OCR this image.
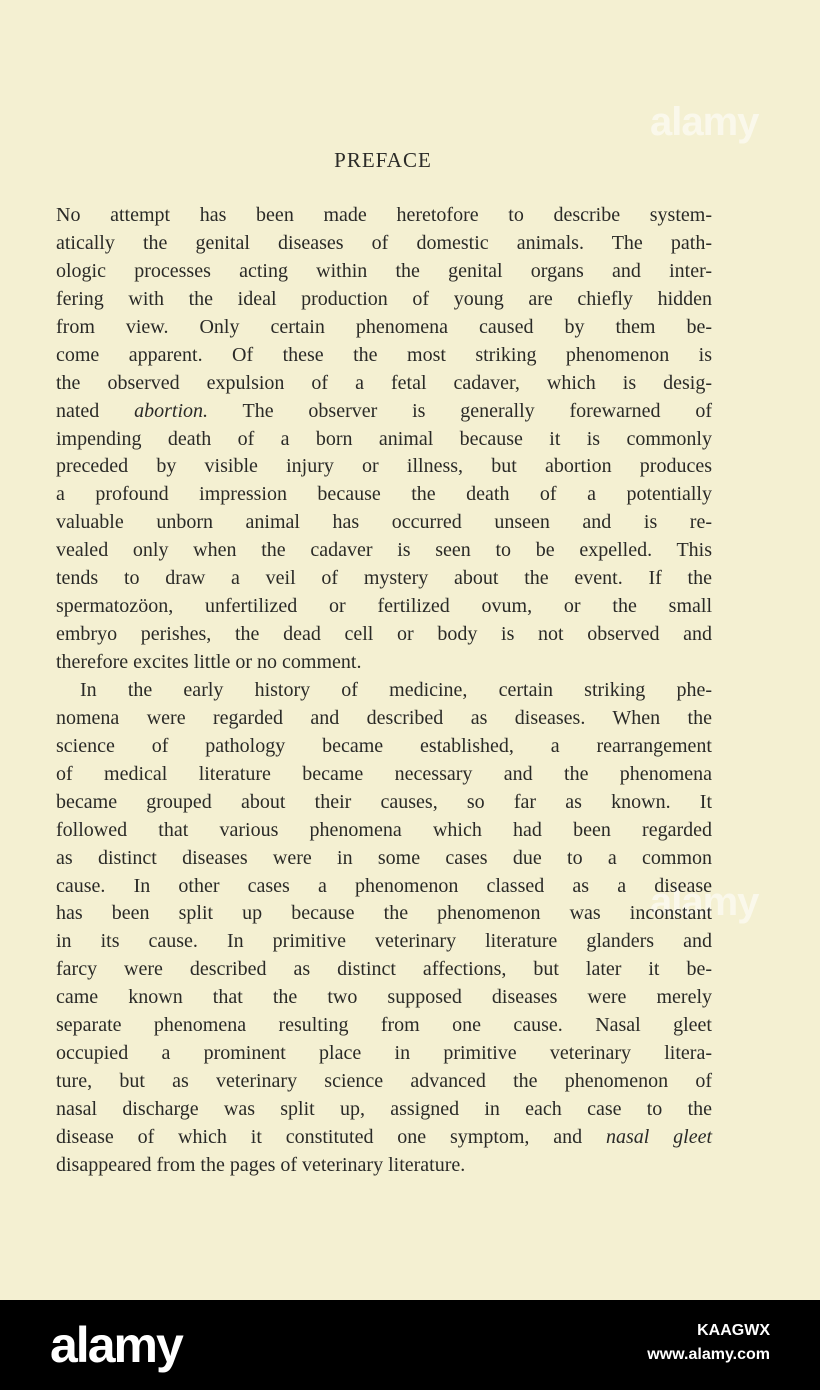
alamy
alamy
PREFACE
No attempt has been made heretofore to describe system-
atically the genital diseases of domestic animals. The path-
ologic processes acting within the genital organs and inter-
fering with the ideal production of young are chiefly hidden
from view. Only certain phenomena caused by them be-
come apparent. Of these the most striking phenomenon is
the observed expulsion of a fetal cadaver, which is desig-
nated abortion. The observer is generally forewarned of
impending death of a born animal because it is commonly
preceded by visible injury or illness, but abortion produces
a profound impression because the death of a potentially
valuable unborn animal has occurred unseen and is re-
vealed only when the cadaver is seen to be expelled. This
tends to draw a veil of mystery about the event. If the
spermatozöon, unfertilized or fertilized ovum, or the small
embryo perishes, the dead cell or body is not observed and
therefore excites little or no comment.
In the early history of medicine, certain striking phe-
nomena were regarded and described as diseases. When the
science of pathology became established, a rearrangement
of medical literature became necessary and the phenomena
became grouped about their causes, so far as known. It
followed that various phenomena which had been regarded
as distinct diseases were in some cases due to a common
cause. In other cases a phenomenon classed as a disease
has been split up because the phenomenon was inconstant
in its cause. In primitive veterinary literature glanders and
farcy were described as distinct affections, but later it be-
came known that the two supposed diseases were merely
separate phenomena resulting from one cause. Nasal gleet
occupied a prominent place in primitive veterinary litera-
ture, but as veterinary science advanced the phenomenon of
nasal discharge was split up, assigned in each case to the
disease of which it constituted one symptom, and nasal gleet
disappeared from the pages of veterinary literature.
alamy	KAAGWX
www.alamy.com
